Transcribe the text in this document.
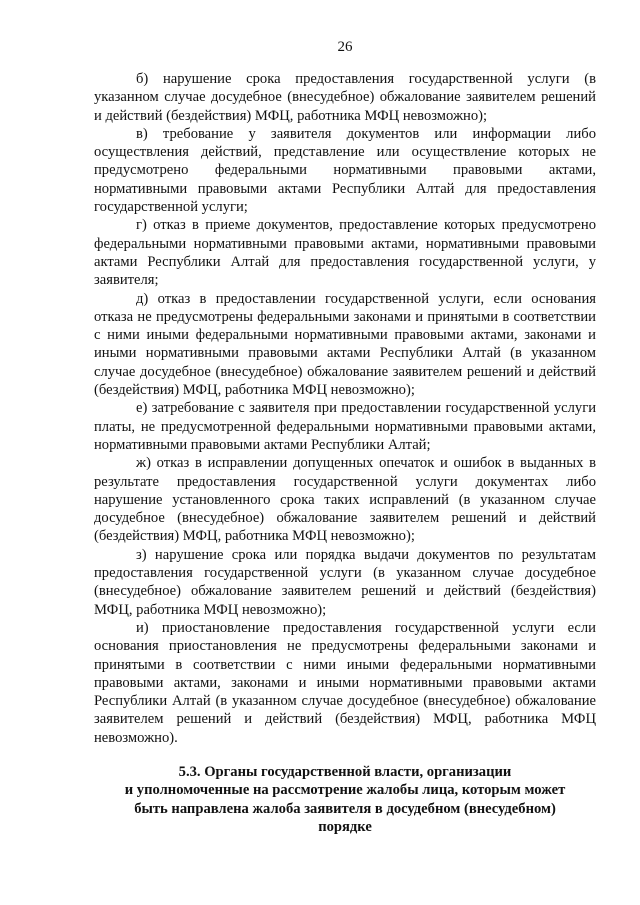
26

б) нарушение срока предоставления государственной услуги (в указанном случае досудебное (внесудебное) обжалование заявителем решений и действий (бездействия) МФЦ, работника МФЦ невозможно);

в) требование у заявителя документов или информации либо осуществления действий, представление или осуществление которых не предусмотрено федеральными нормативными правовыми актами, нормативными правовыми актами Республики Алтай для предоставления государственной услуги;

г) отказ в приеме документов, предоставление которых предусмотрено федеральными нормативными правовыми актами, нормативными правовыми актами Республики Алтай для предоставления государственной услуги, у заявителя;

д) отказ в предоставлении государственной услуги, если основания отказа не предусмотрены федеральными законами и принятыми в соответствии с ними иными федеральными нормативными правовыми актами, законами и иными нормативными правовыми актами Республики Алтай (в указанном случае досудебное (внесудебное) обжалование заявителем решений и действий (бездействия) МФЦ, работника МФЦ невозможно);

е) затребование с заявителя при предоставлении государственной услуги платы, не предусмотренной федеральными нормативными правовыми актами, нормативными правовыми актами Республики Алтай;

ж) отказ в исправлении допущенных опечаток и ошибок в выданных в результате предоставления государственной услуги документах либо нарушение установленного срока таких исправлений (в указанном случае досудебное (внесудебное) обжалование заявителем решений и действий (бездействия) МФЦ, работника МФЦ невозможно);

з) нарушение срока или порядка выдачи документов по результатам предоставления государственной услуги (в указанном случае досудебное (внесудебное) обжалование заявителем решений и действий (бездействия) МФЦ, работника МФЦ невозможно);

и) приостановление предоставления государственной услуги если основания приостановления не предусмотрены федеральными законами и принятыми в соответствии с ними иными федеральными нормативными правовыми актами, законами и иными нормативными правовыми актами Республики Алтай (в указанном случае досудебное (внесудебное) обжалование заявителем решений и действий (бездействия) МФЦ, работника МФЦ невозможно).

5.3. Органы государственной власти, организации
и уполномоченные на рассмотрение жалобы лица, которым может
быть направлена жалоба заявителя в досудебном (внесудебном)
порядке
